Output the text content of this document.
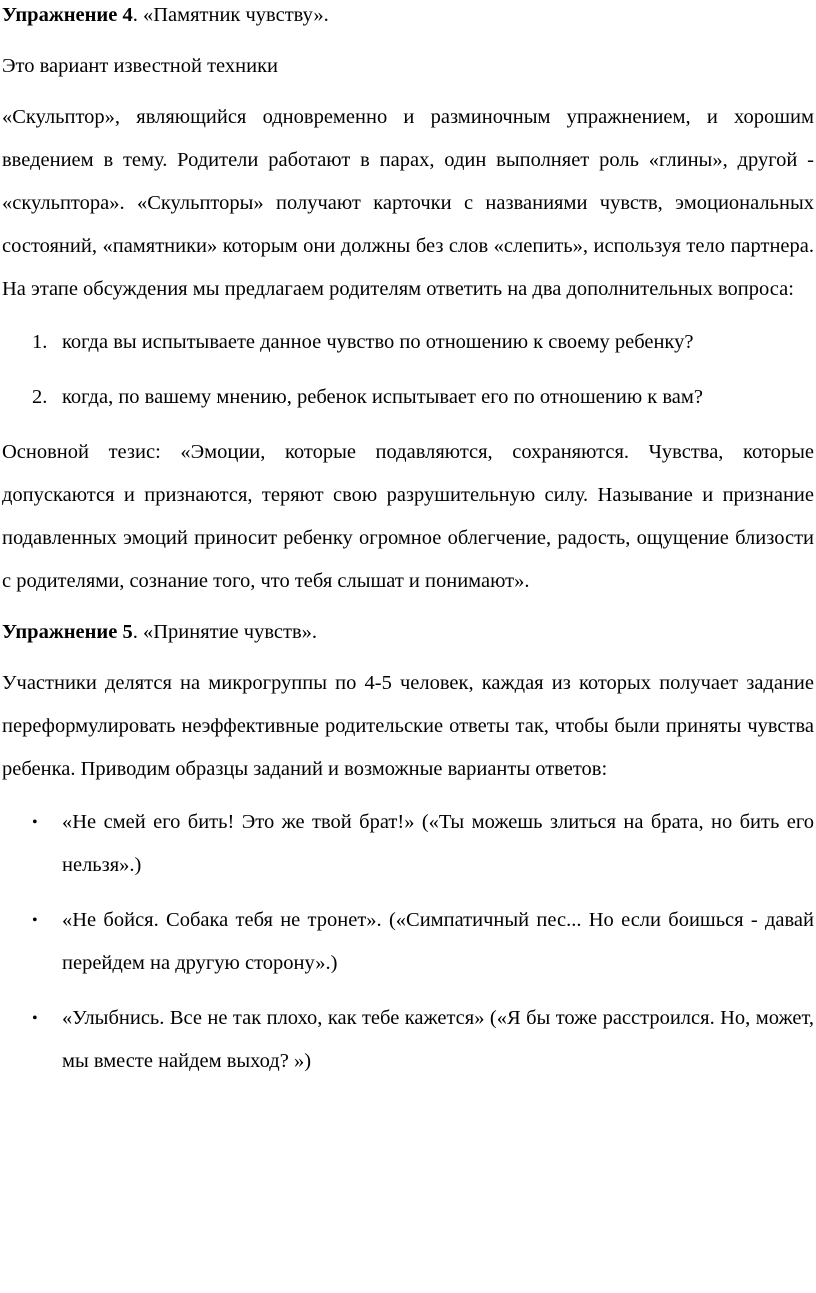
Упражнение 4. «Памятник чувству».

Это вариант известной техники

«Скульптор», являющийся одновременно и разминочным упражнением, и хорошим введением в тему. Родители работают в парах, один выполняет роль «глины», другой - «скульптора». «Скульпторы» получают карточки с названиями чувств, эмоциональных состояний, «памятники» которым они должны без слов «слепить», используя тело партнера. На этапе обсуждения мы предлагаем родителям ответить на два дополнительных вопроса:

1. когда вы испытываете данное чувство по отношению к своему ребенку?
2. когда, по вашему мнению, ребенок испытывает его по отношению к вам?

Основной тезис: «Эмоции, которые подавляются, сохраняются. Чувства, которые допускаются и признаются, теряют свою разрушительную силу. Называние и признание подавленных эмоций приносит ребенку огромное облегчение, радость, ощущение близости с родителями, сознание того, что тебя слышат и понимают».

Упражнение 5. «Принятие чувств».

Участники делятся на микрогруппы по 4-5 человек, каждая из которых получает задание переформулировать неэффективные родительские ответы так, чтобы были приняты чувства ребенка. Приводим образцы заданий и возможные варианты ответов:

• «Не смей его бить! Это же твой брат!» («Ты можешь злиться на брата, но бить его нельзя».)
• «Не бойся. Собака тебя не тронет». («Симпатичный пес... Но если боишься - давай перейдем на другую сторону».)
• «Улыбнись. Все не так плохо, как тебе кажется» («Я бы тоже расстроился. Но, может, мы вместе найдем выход? »)
